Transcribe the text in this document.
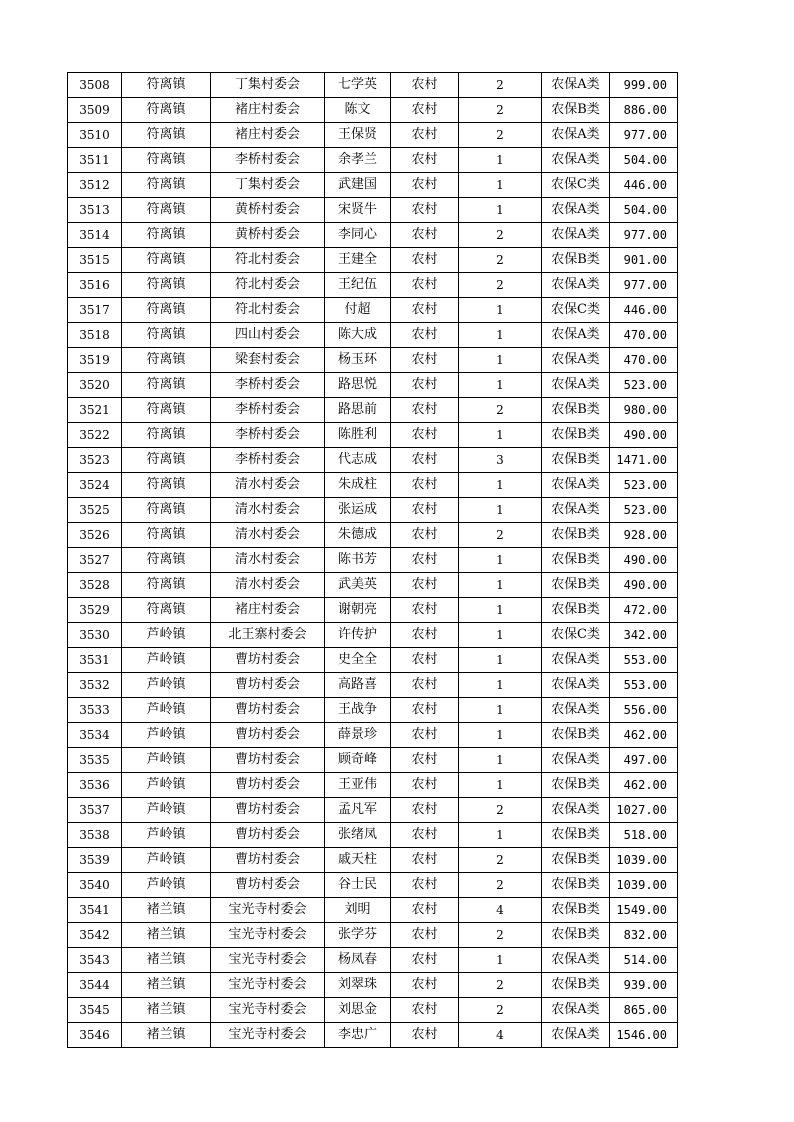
3508	符离镇	丁集村委会	七学英	农村	2	农保A类	999.00
3509	符离镇	褚庄村委会	陈文	农村	2	农保B类	886.00
3510	符离镇	褚庄村委会	王保贤	农村	2	农保A类	977.00
3511	符离镇	李桥村委会	余孝兰	农村	1	农保A类	504.00
3512	符离镇	丁集村委会	武建国	农村	1	农保C类	446.00
3513	符离镇	黄桥村委会	宋贤牛	农村	1	农保A类	504.00
3514	符离镇	黄桥村委会	李同心	农村	2	农保A类	977.00
3515	符离镇	符北村委会	王建全	农村	2	农保B类	901.00
3516	符离镇	符北村委会	王纪伍	农村	2	农保A类	977.00
3517	符离镇	符北村委会	付超	农村	1	农保C类	446.00
3518	符离镇	四山村委会	陈大成	农村	1	农保A类	470.00
3519	符离镇	梁套村委会	杨玉环	农村	1	农保A类	470.00
3520	符离镇	李桥村委会	路思悦	农村	1	农保A类	523.00
3521	符离镇	李桥村委会	路思前	农村	2	农保B类	980.00
3522	符离镇	李桥村委会	陈胜利	农村	1	农保B类	490.00
3523	符离镇	李桥村委会	代志成	农村	3	农保B类	1471.00
3524	符离镇	清水村委会	朱成柱	农村	1	农保A类	523.00
3525	符离镇	清水村委会	张运成	农村	1	农保A类	523.00
3526	符离镇	清水村委会	朱德成	农村	2	农保B类	928.00
3527	符离镇	清水村委会	陈书芳	农村	1	农保B类	490.00
3528	符离镇	清水村委会	武美英	农村	1	农保B类	490.00
3529	符离镇	褚庄村委会	谢朝亮	农村	1	农保B类	472.00
3530	芦岭镇	北王寨村委会	许传护	农村	1	农保C类	342.00
3531	芦岭镇	曹坊村委会	史全全	农村	1	农保A类	553.00
3532	芦岭镇	曹坊村委会	高路喜	农村	1	农保A类	553.00
3533	芦岭镇	曹坊村委会	王战争	农村	1	农保A类	556.00
3534	芦岭镇	曹坊村委会	薛景珍	农村	1	农保B类	462.00
3535	芦岭镇	曹坊村委会	顾奇峰	农村	1	农保A类	497.00
3536	芦岭镇	曹坊村委会	王亚伟	农村	1	农保B类	462.00
3537	芦岭镇	曹坊村委会	孟凡军	农村	2	农保A类	1027.00
3538	芦岭镇	曹坊村委会	张绪凤	农村	1	农保B类	518.00
3539	芦岭镇	曹坊村委会	戚天柱	农村	2	农保B类	1039.00
3540	芦岭镇	曹坊村委会	谷士民	农村	2	农保B类	1039.00
3541	褚兰镇	宝光寺村委会	刘明	农村	4	农保B类	1549.00
3542	褚兰镇	宝光寺村委会	张学芬	农村	2	农保B类	832.00
3543	褚兰镇	宝光寺村委会	杨凤春	农村	1	农保A类	514.00
3544	褚兰镇	宝光寺村委会	刘翠珠	农村	2	农保B类	939.00
3545	褚兰镇	宝光寺村委会	刘思金	农村	2	农保A类	865.00
3546	褚兰镇	宝光寺村委会	李忠广	农村	4	农保A类	1546.00
